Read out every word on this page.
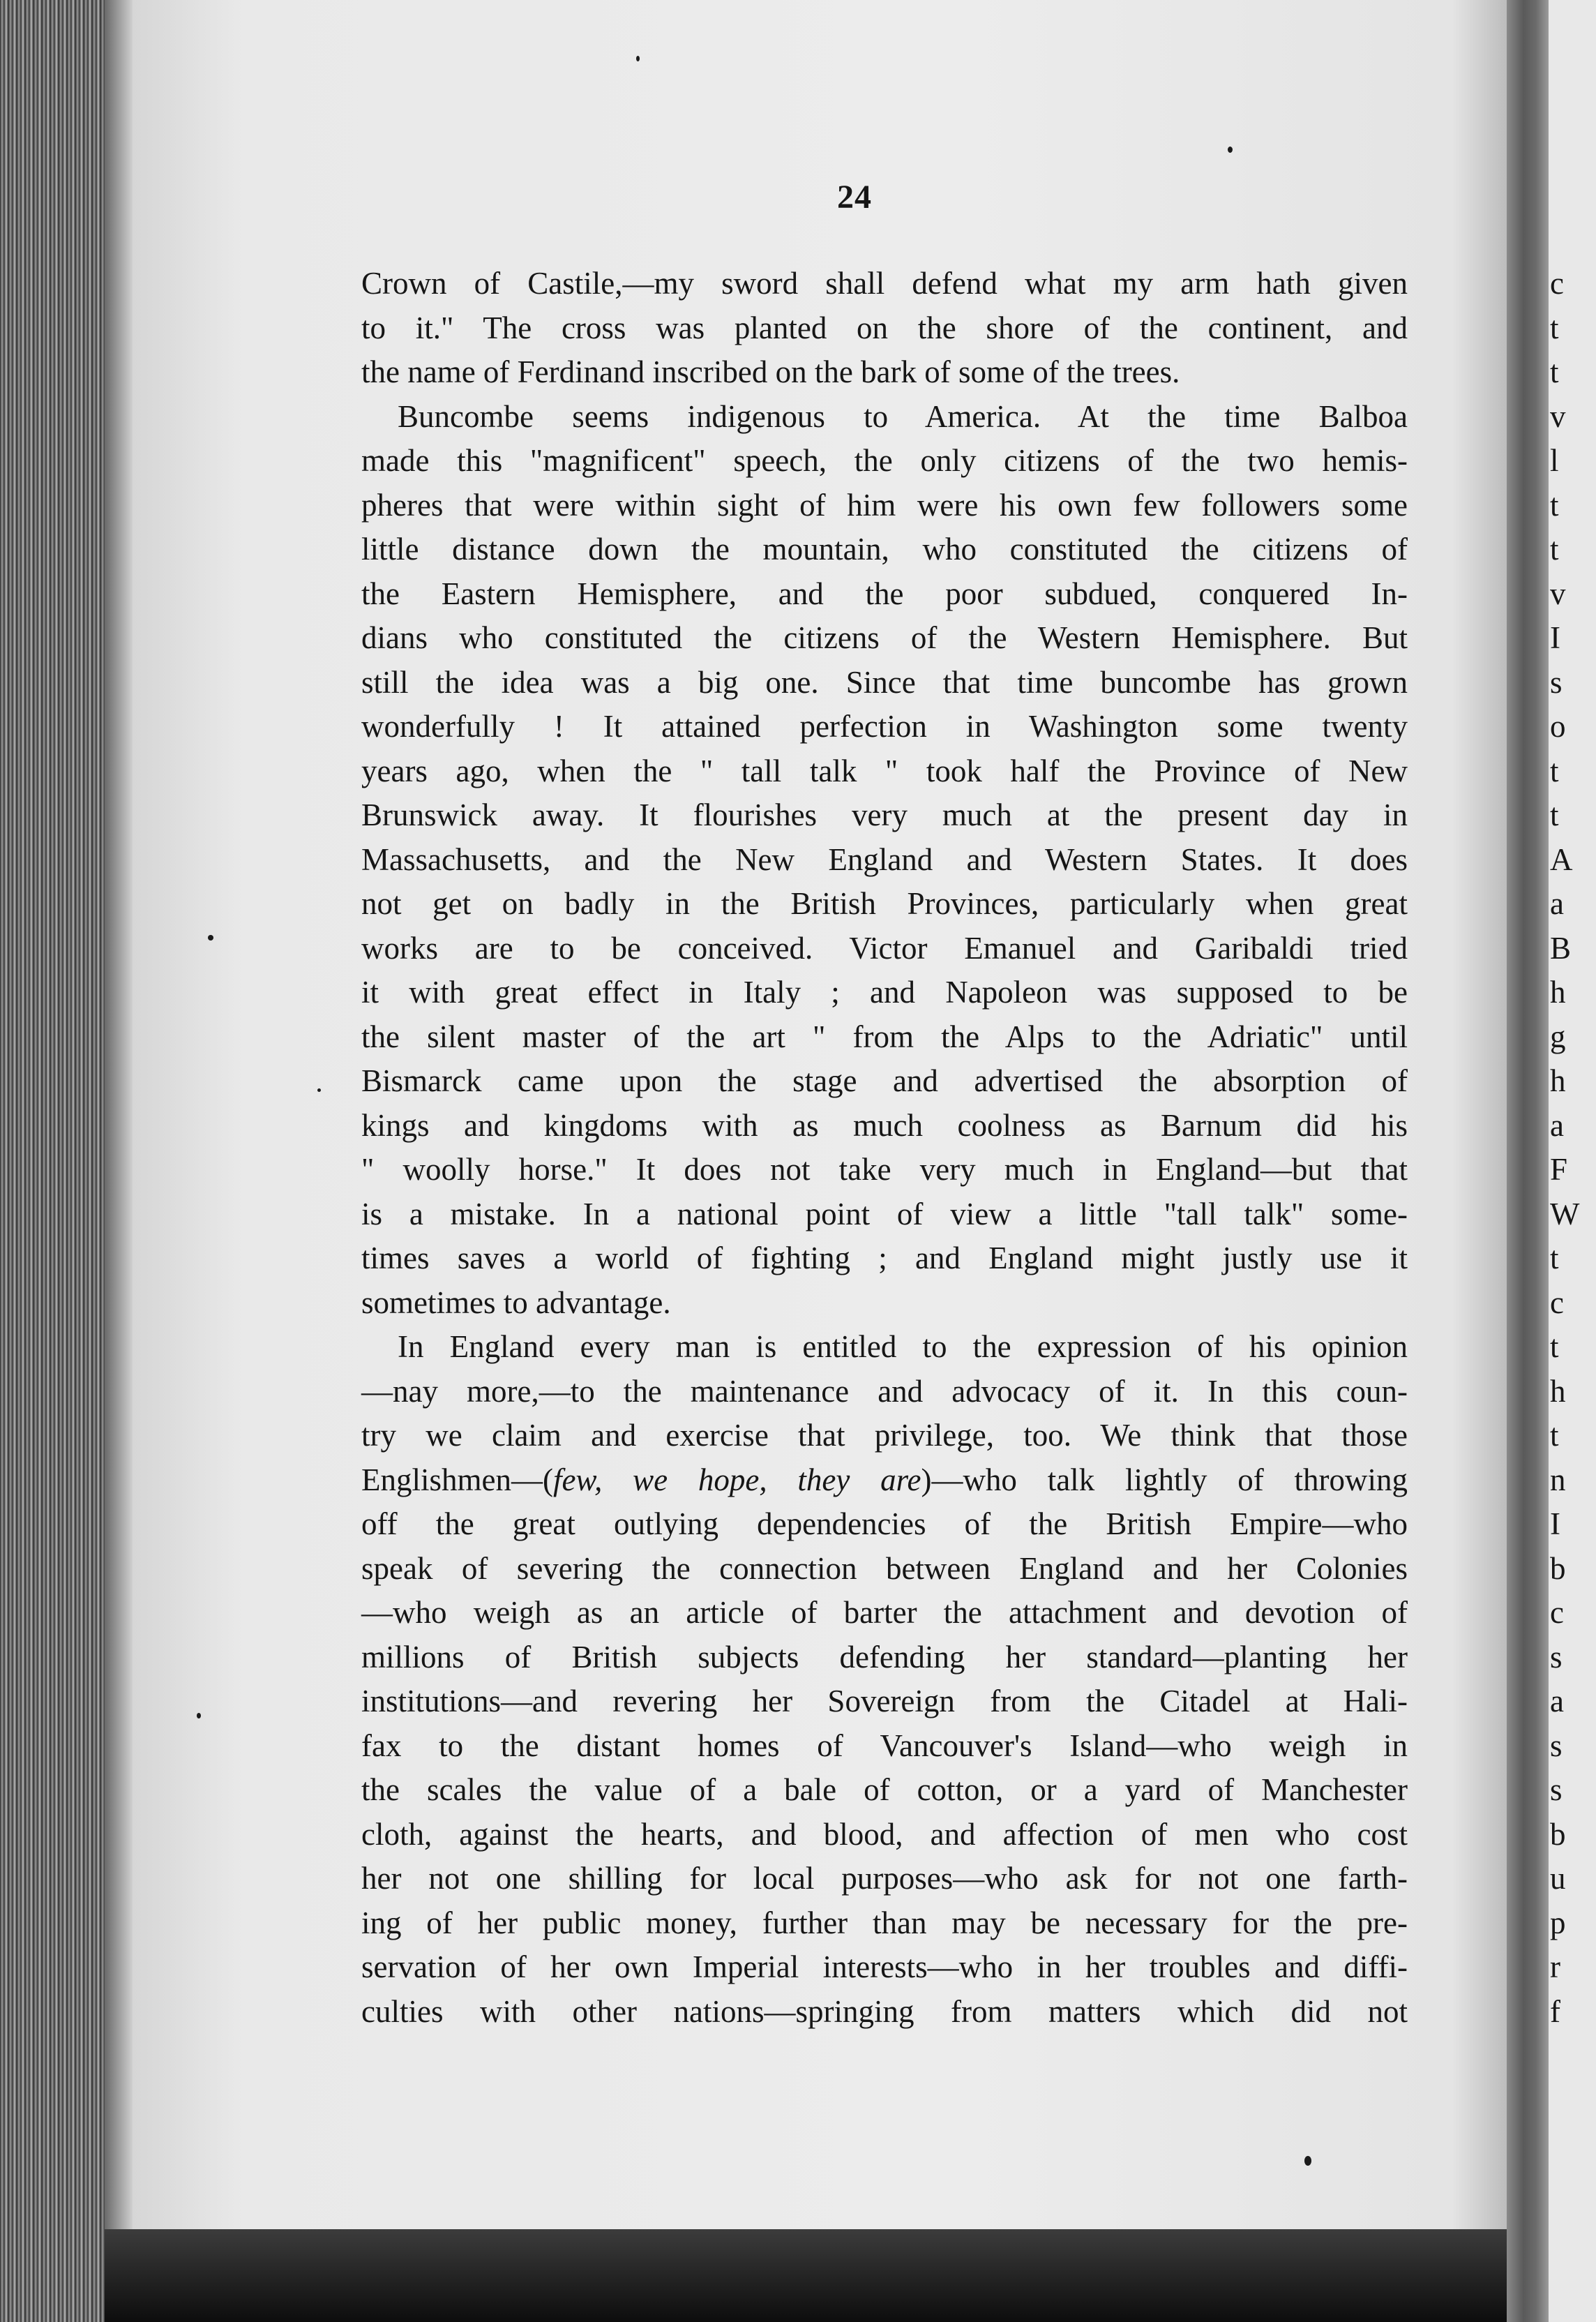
c
t
t
v
l
t
t
v
I
s
o
t
t
A
a
B
h
g
h
a
F
W
t
c
t
h
t
n
I
b
c
s
a
s
s
b
u
p
r
f
24
Crown of Castile,—my sword shall defend what my arm hath given
to it." The cross was planted on the shore of the continent, and
the name of Ferdinand inscribed on the bark of some of the trees.
Buncombe seems indigenous to America. At the time Balboa
made this "magnificent" speech, the only citizens of the two hemis-
pheres that were within sight of him were his own few followers some
little distance down the mountain, who constituted the citizens of
the Eastern Hemisphere, and the poor subdued, conquered In-
dians who constituted the citizens of the Western Hemisphere. But
still the idea was a big one. Since that time buncombe has grown
wonderfully ! It attained perfection in Washington some twenty
years ago, when the " tall talk " took half the Province of New
Brunswick away. It flourishes very much at the present day in
Massachusetts, and the New England and Western States. It does
not get on badly in the British Provinces, particularly when great
works are to be conceived. Victor Emanuel and Garibaldi tried
it with great effect in Italy ; and Napoleon was supposed to be
the silent master of the art " from the Alps to the Adriatic" until
Bismarck came upon the stage and advertised the absorption of
kings and kingdoms with as much coolness as Barnum did his
" woolly horse." It does not take very much in England—but that
is a mistake. In a national point of view a little "tall talk" some-
times saves a world of fighting ; and England might justly use it
sometimes to advantage.
In England every man is entitled to the expression of his opinion
—nay more,—to the maintenance and advocacy of it. In this coun-
try we claim and exercise that privilege, too. We think that those
Englishmen—(few, we hope, they are)—who talk lightly of throwing
off the great outlying dependencies of the British Empire—who
speak of severing the connection between England and her Colonies
—who weigh as an article of barter the attachment and devotion of
millions of British subjects defending her standard—planting her
institutions—and revering her Sovereign from the Citadel at Hali-
fax to the distant homes of Vancouver's Island—who weigh in
the scales the value of a bale of cotton, or a yard of Manchester
cloth, against the hearts, and blood, and affection of men who cost
her not one shilling for local purposes—who ask for not one farth-
ing of her public money, further than may be necessary for the pre-
servation of her own Imperial interests—who in her troubles and diffi-
culties with other nations—springing from matters which did not
